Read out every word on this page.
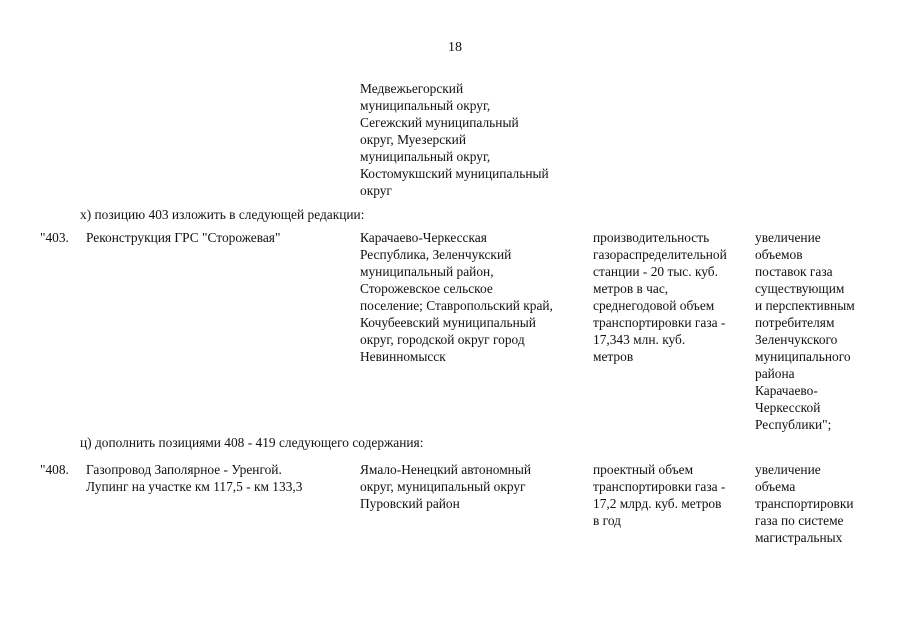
18
Медвежьегорский
муниципальный округ,
Сегежский муниципальный
округ, Муезерский
муниципальный округ,
Костомукшский муниципальный
округ
х) позицию 403 изложить в следующей редакции:
"403. Реконструкция ГРС "Сторожевая"	Карачаево-Черкесская
Республика, Зеленчукский
муниципальный район,
Сторожевское сельское
поселение; Ставропольский край,
Кочубеевский муниципальный
округ, городской округ город
Невинномысск
производительность
газораспределительной
станции - 20 тыс. куб.
метров в час,
среднегодовой объем
транспортировки газа -
17,343 млн. куб.
метров
увеличение
объемов
поставок газа
существующим
и перспективным
потребителям
Зеленчукского
муниципального
района
Карачаево-
Черкесской
Республики";
ц) дополнить позициями 408 - 419 следующего содержания:
"408. Газопровод Заполярное - Уренгой.
Лупинг на участке км 117,5 - км 133,3
Ямало-Ненецкий автономный
округ, муниципальный округ
Пуровский район
проектный объем
транспортировки газа -
17,2 млрд. куб. метров
в год
увеличение
объема
транспортировки
газа по системе
магистральных
